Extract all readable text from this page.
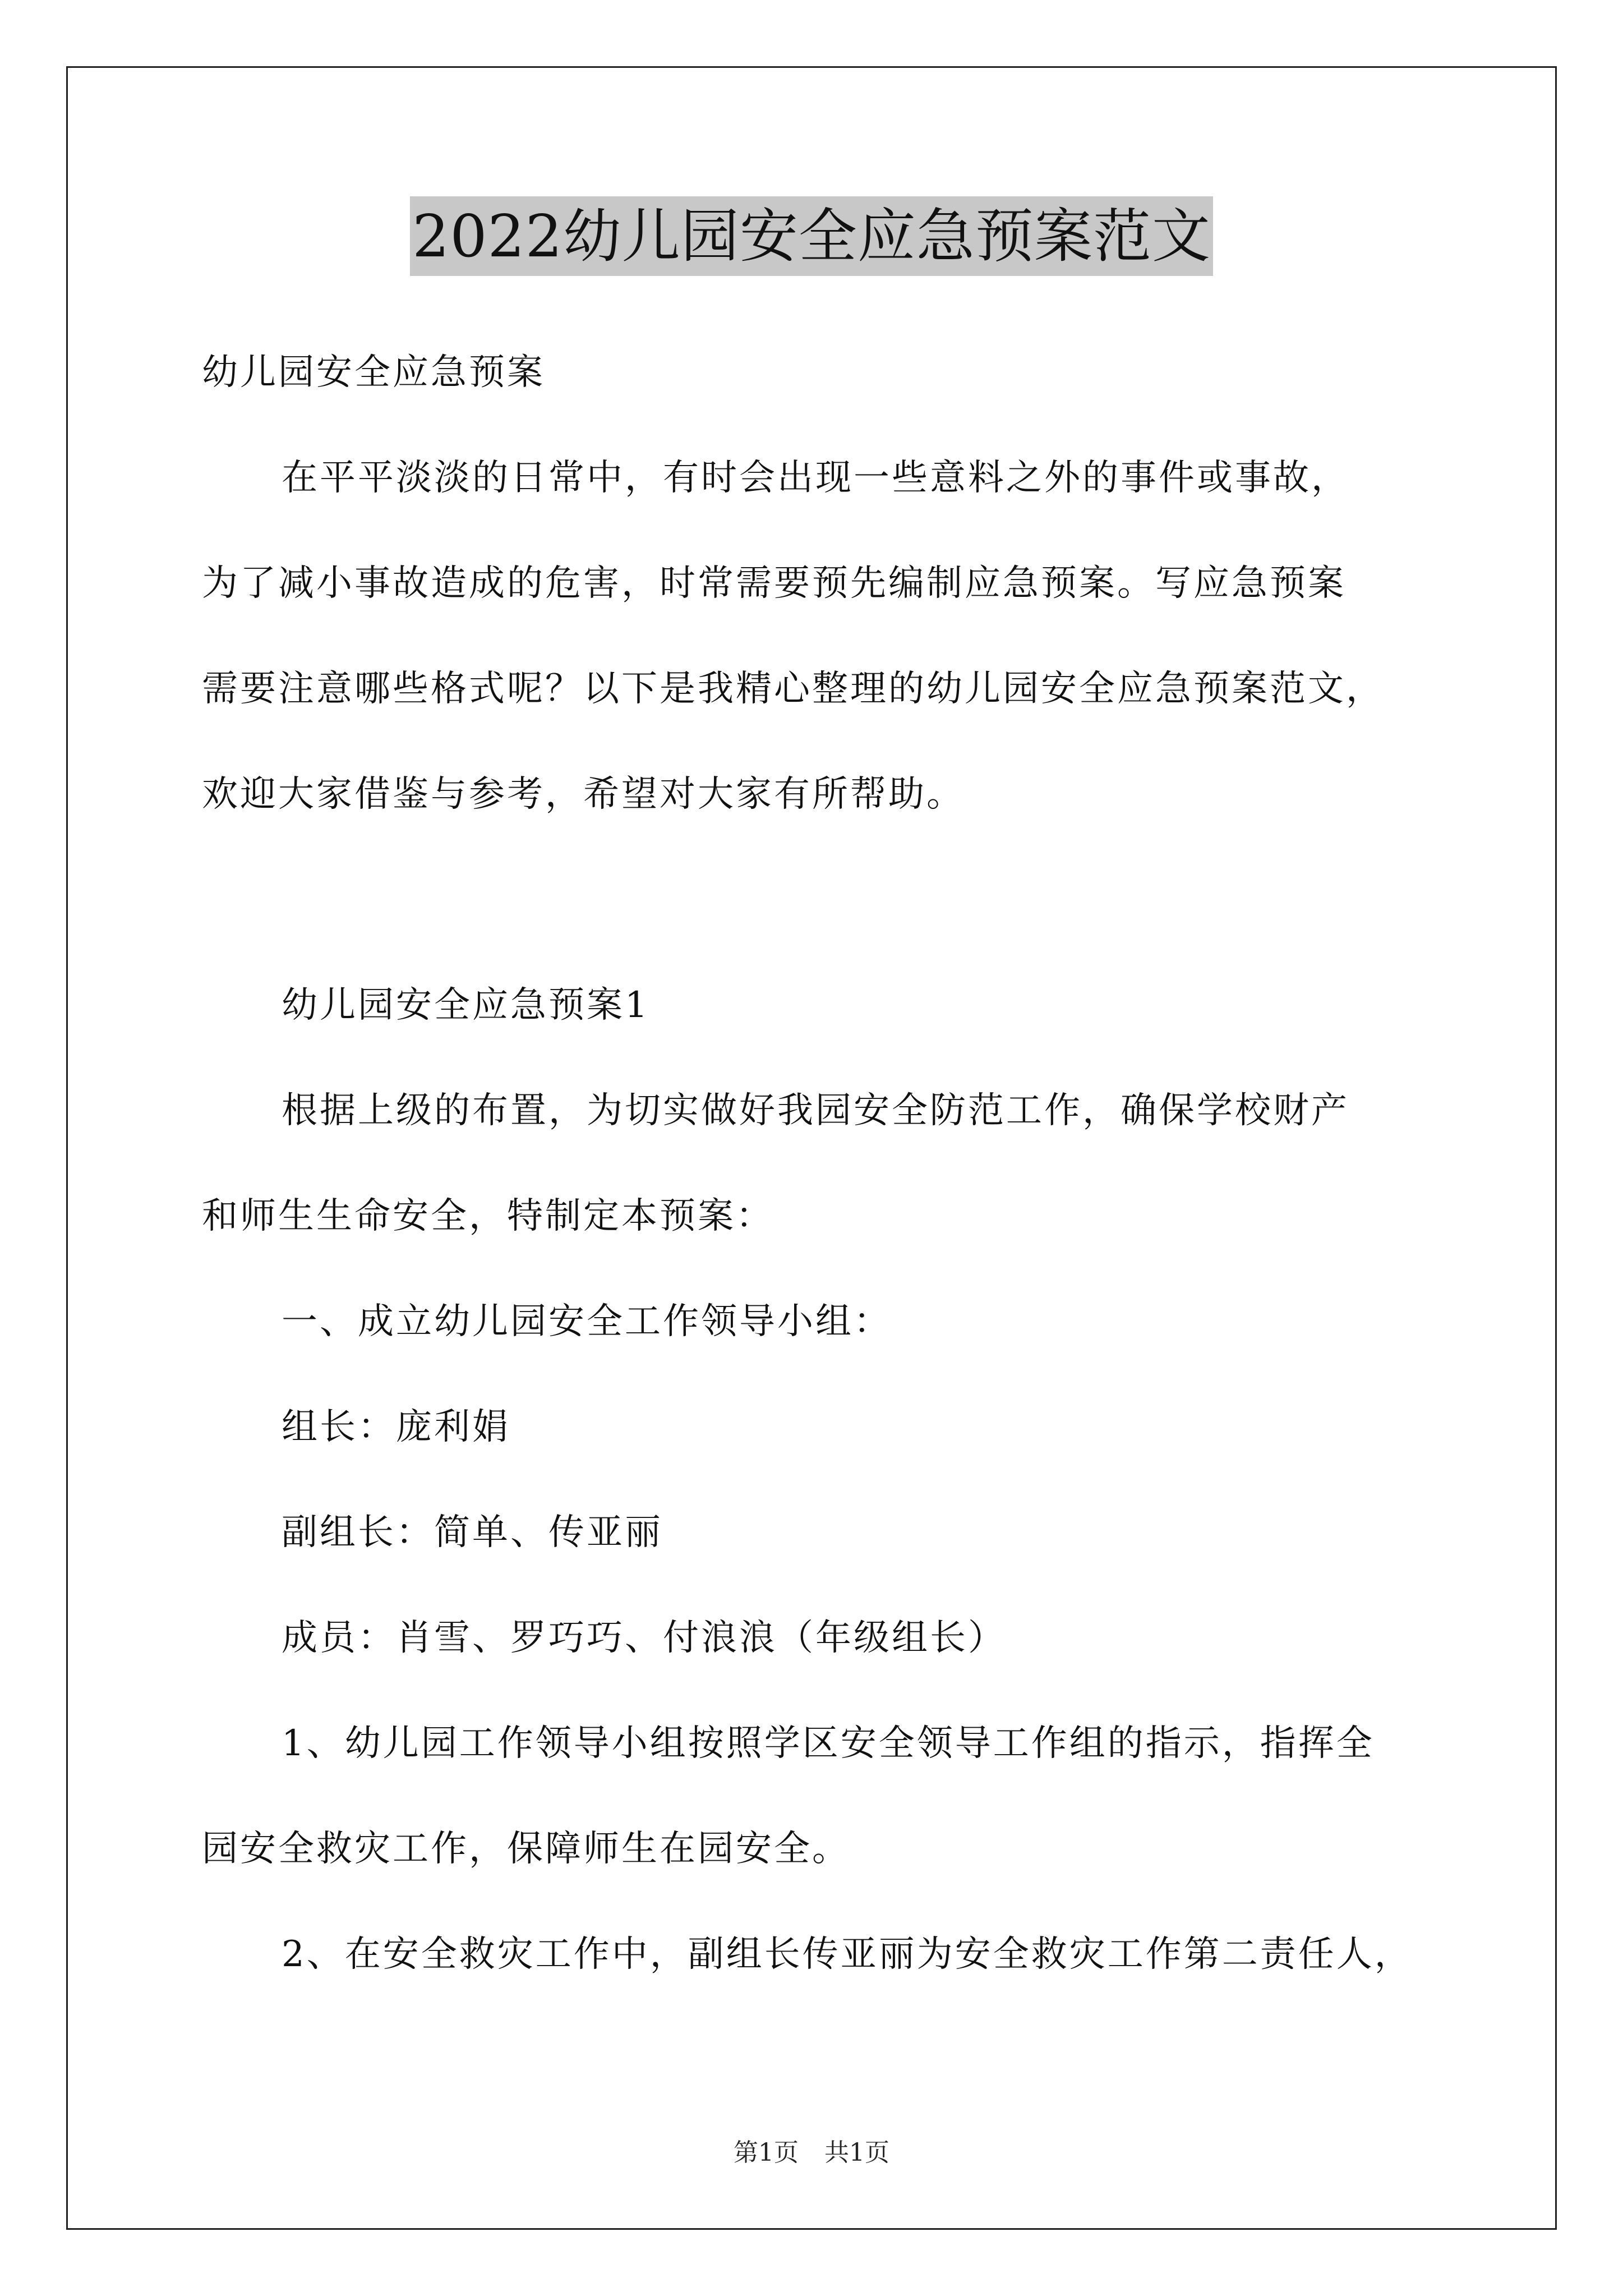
2022幼儿园安全应急预案范文

幼儿园安全应急预案

在平平淡淡的日常中，有时会出现一些意料之外的事件或事故，

为了减小事故造成的危害，时常需要预先编制应急预案。写应急预案

需要注意哪些格式呢？以下是我精心整理的幼儿园安全应急预案范文，

欢迎大家借鉴与参考，希望对大家有所帮助。

幼儿园安全应急预案1

根据上级的布置，为切实做好我园安全防范工作，确保学校财产

和师生生命安全，特制定本预案：

一、成立幼儿园安全工作领导小组：

组长：庞利娟

副组长：简单、传亚丽

成员：肖雪、罗巧巧、付浪浪（年级组长）

1、幼儿园工作领导小组按照学区安全领导工作组的指示，指挥全

园安全救灾工作，保障师生在园安全。

2、在安全救灾工作中，副组长传亚丽为安全救灾工作第二责任人，

第1页 共1页
